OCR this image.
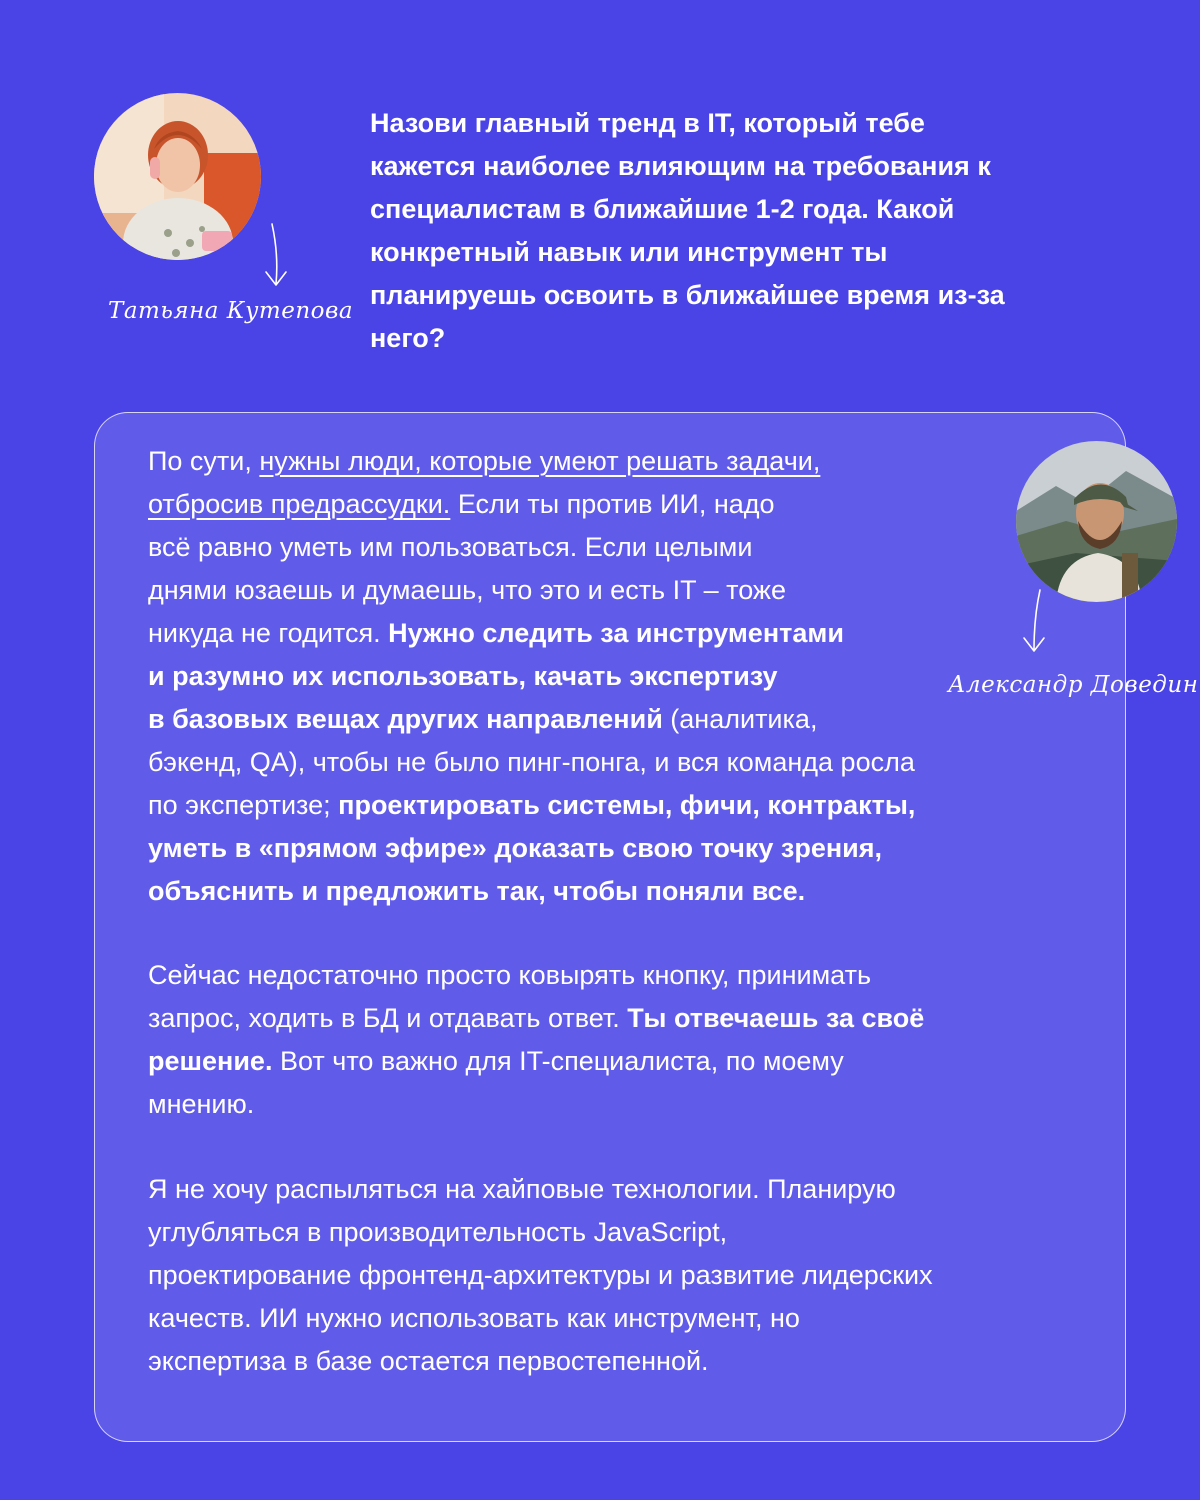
Татьяна Кутепова

Назови главный тренд в IT, который тебе
кажется наиболее влияющим на требования к
специалистам в ближайшие 1-2 года. Какой
конкретный навык или инструмент ты
планируешь освоить в ближайшее время из-за
него?

Александр Доведин

По сути, нужны люди, которые умеют решать задачи,
отбросив предрассудки. Если ты против ИИ, надо
всё равно уметь им пользоваться. Если целыми
днями юзаешь и думаешь, что это и есть IT – тоже
никуда не годится. Нужно следить за инструментами
и разумно их использовать, качать экспертизу
в базовых вещах других направлений (аналитика,
бэкенд, QA), чтобы не было пинг-понга, и вся команда росла
по экспертизе; проектировать системы, фичи, контракты,
уметь в «прямом эфире» доказать свою точку зрения,
объяснить и предложить так, чтобы поняли все.

Сейчас недостаточно просто ковырять кнопку, принимать
запрос, ходить в БД и отдавать ответ. Ты отвечаешь за своё
решение. Вот что важно для IT-специалиста, по моему
мнению.

Я не хочу распыляться на хайповые технологии. Планирую
углубляться в производительность JavaScript,
проектирование фронтенд-архитектуры и развитие лидерских
качеств. ИИ нужно использовать как инструмент, но
экспертиза в базе остается первостепенной.
